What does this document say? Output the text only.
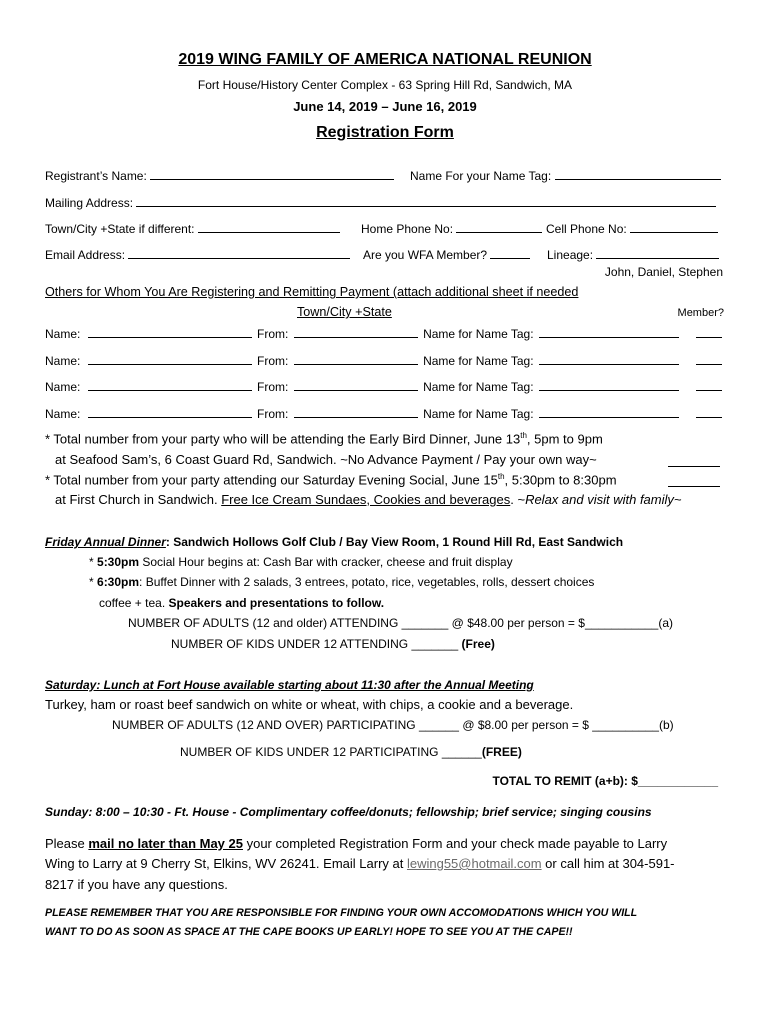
2019 WING FAMILY OF AMERICA NATIONAL REUNION
Fort House/History Center Complex - 63 Spring Hill Rd, Sandwich, MA
June 14, 2019 – June 16, 2019
Registration Form
Registrant’s Name:	Name For your Name Tag:
Mailing Address:
Town/City +State if different:	Home Phone No:	Cell Phone No:
Email Address:	Are you WFA Member?	Lineage:
John, Daniel, Stephen
Others for Whom You Are Registering and Remitting Payment (attach additional sheet if needed
Town/City +State	Member?
Name:	From:	Name for Name Tag:
Name:	From:	Name for Name Tag:
Name:	From:	Name for Name Tag:
Name:	From:	Name for Name Tag:
* Total number from your party who will be attending the Early Bird Dinner, June 13th, 5pm to 9pm
at Seafood Sam’s, 6 Coast Guard Rd, Sandwich. ~No Advance Payment / Pay your own way~
* Total number from your party attending our Saturday Evening Social, June 15th, 5:30pm to 8:30pm
at First Church in Sandwich. Free Ice Cream Sundaes, Cookies and beverages. ~Relax and visit with family~
Friday Annual Dinner: Sandwich Hollows Golf Club / Bay View Room, 1 Round Hill Rd, East Sandwich
* 5:30pm Social Hour begins at: Cash Bar with cracker, cheese and fruit display
* 6:30pm: Buffet Dinner with 2 salads, 3 entrees, potato, rice, vegetables, rolls, dessert choices
coffee + tea. Speakers and presentations to follow.
NUMBER OF ADULTS (12 and older) ATTENDING _______ @ $48.00 per person = $___________(a)
NUMBER OF KIDS UNDER 12 ATTENDING _______ (Free)
Saturday: Lunch at Fort House available starting about 11:30 after the Annual Meeting
Turkey, ham or roast beef sandwich on white or wheat, with chips, a cookie and a beverage.
NUMBER OF ADULTS (12 AND OVER) PARTICIPATING ______ @ $8.00 per person = $ __________(b)
NUMBER OF KIDS UNDER 12 PARTICIPATING ______(FREE)
TOTAL TO REMIT (a+b): $____________
Sunday: 8:00 – 10:30 - Ft. House - Complimentary coffee/donuts; fellowship; brief service; singing cousins
Please mail no later than May 25 your completed Registration Form and your check made payable to Larry
Wing to Larry at 9 Cherry St, Elkins, WV 26241. Email Larry at lewing55@hotmail.com or call him at 304-591-
8217 if you have any questions.
PLEASE REMEMBER THAT YOU ARE RESPONSIBLE FOR FINDING YOUR OWN ACCOMODATIONS WHICH YOU WILL
WANT TO DO AS SOON AS SPACE AT THE CAPE BOOKS UP EARLY! HOPE TO SEE YOU AT THE CAPE!!
